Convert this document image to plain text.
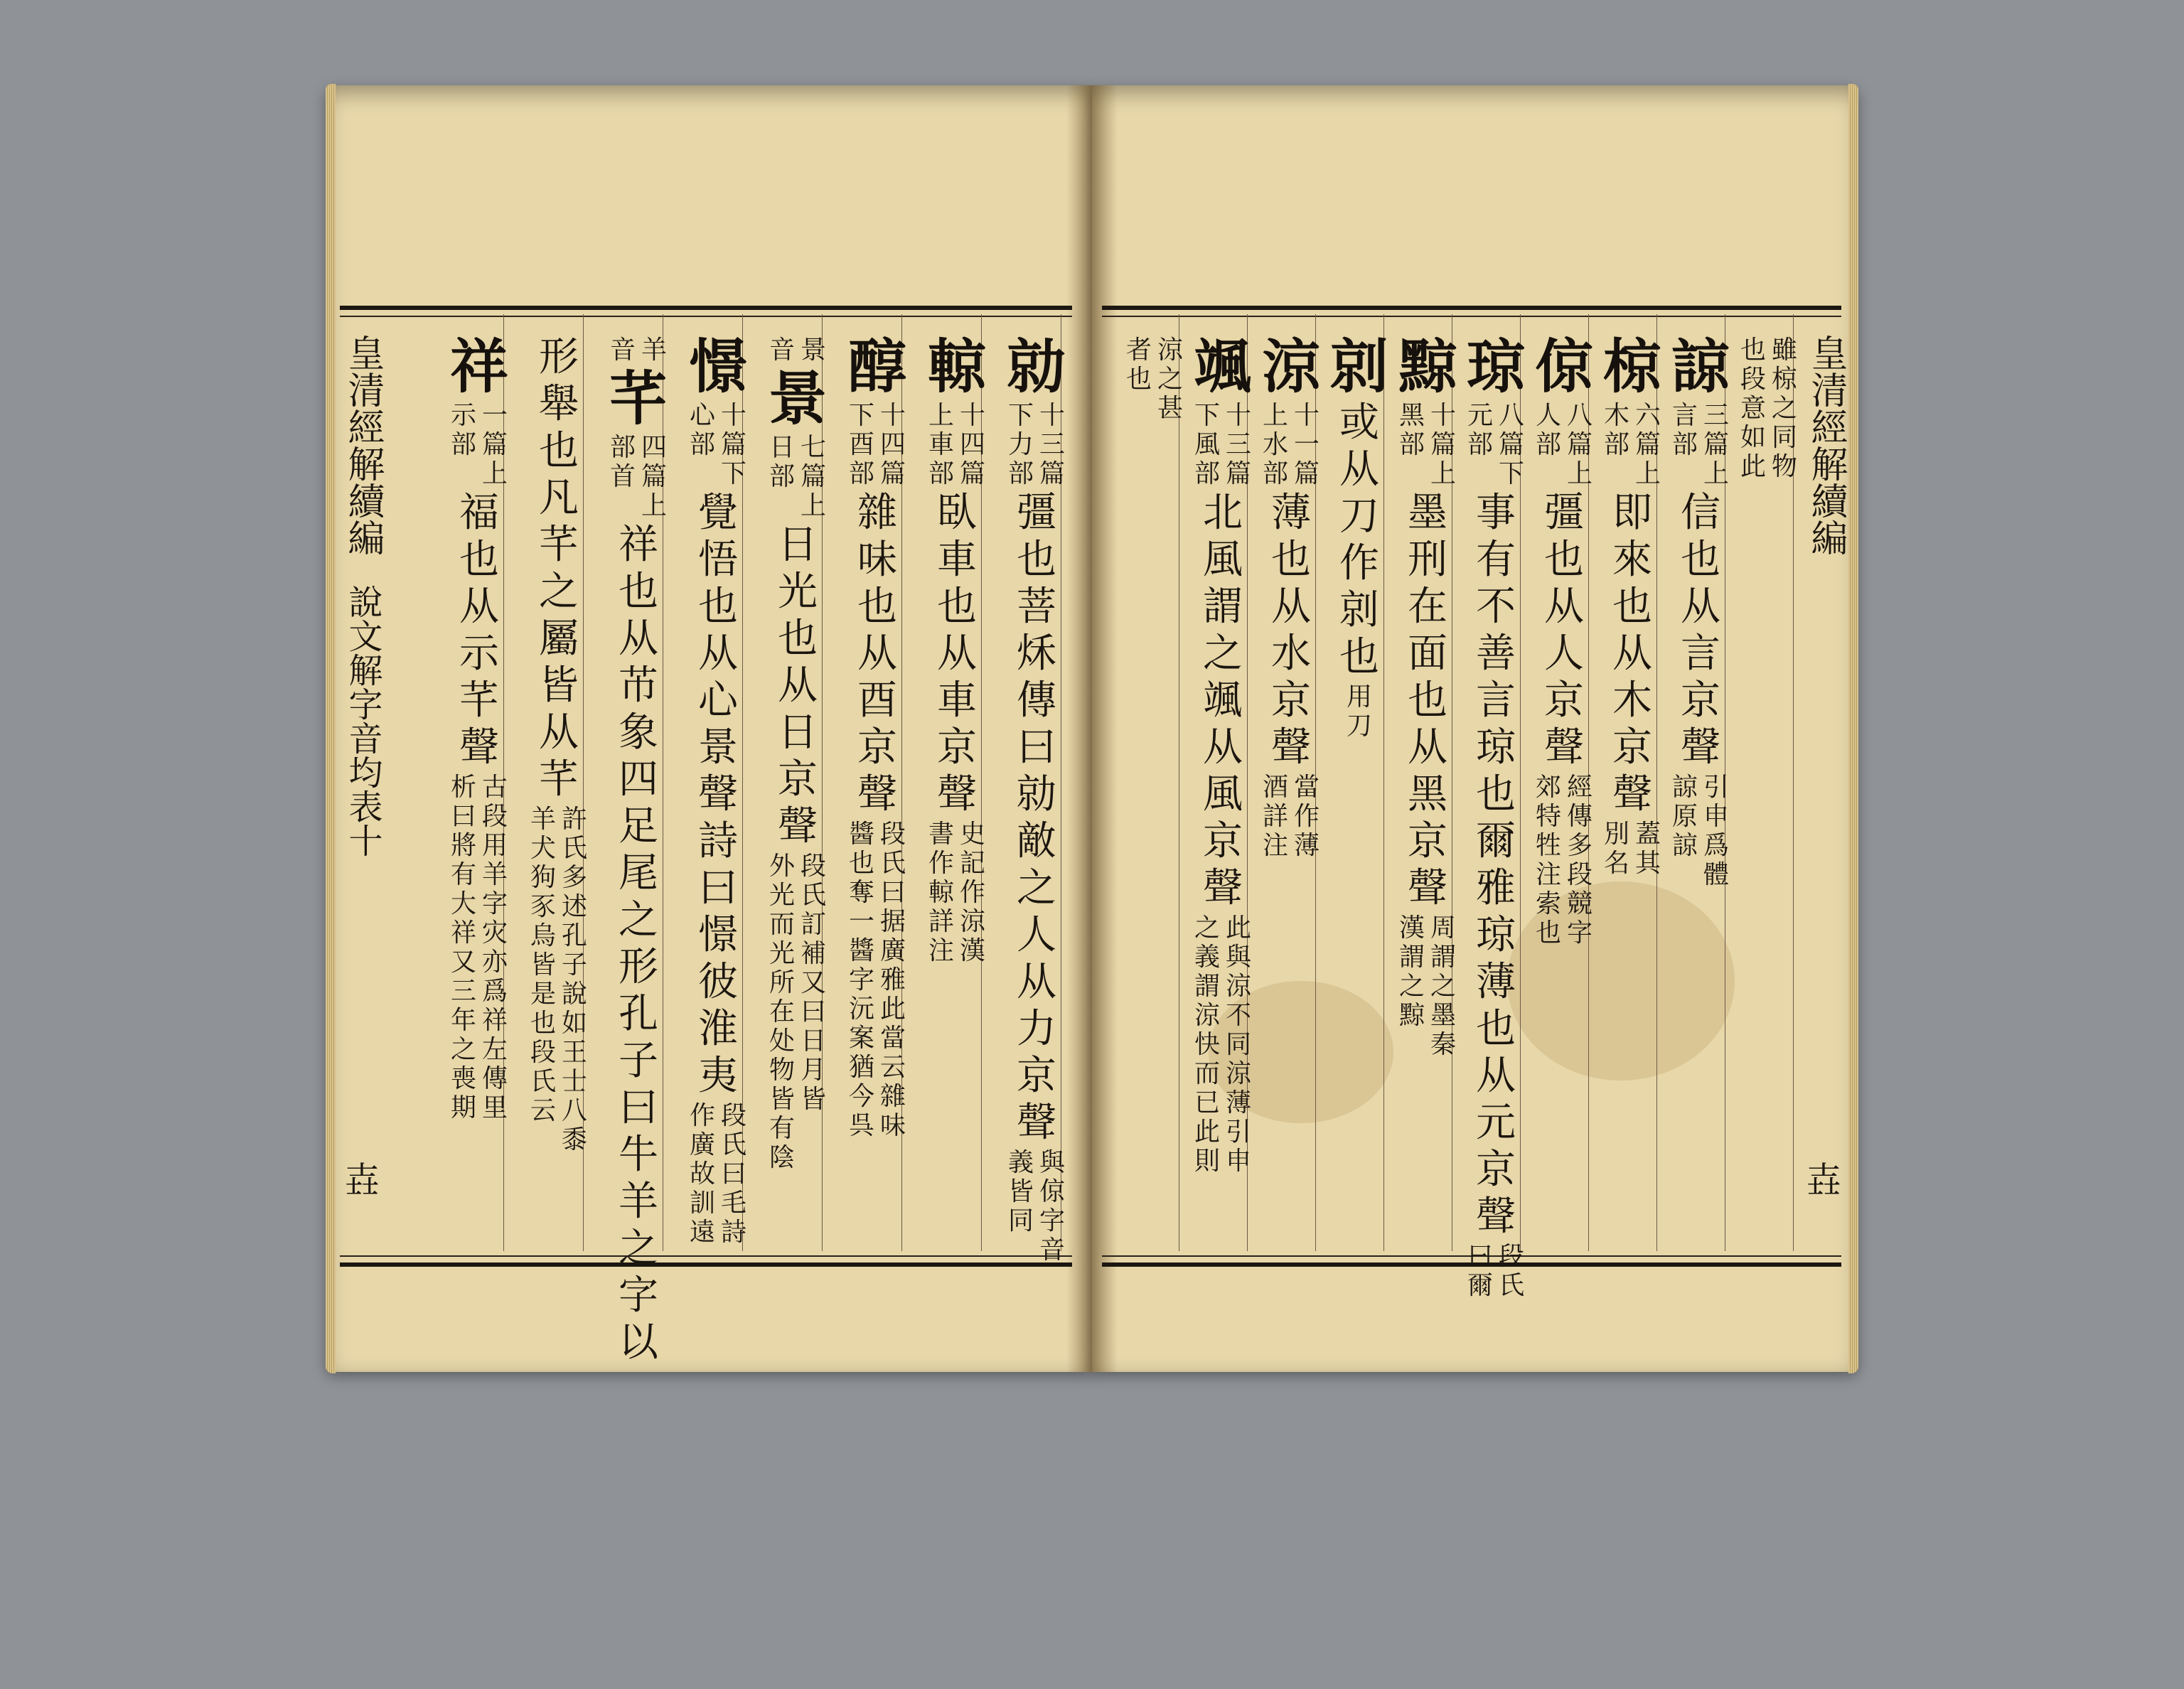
皇清經解續編
說文解字音均表十
壵
皇清經解續編
壵
勍
十三篇
下力部
彊也菩秌傳曰勍敵之人从力京聲
與倞字音
義皆同
輬
十四篇
上車部
臥車也从車京聲
史記作涼漢
書作輬詳注
醇
十四篇
下酉部
雜味也从酉京聲
段氏曰据廣雅此當云雜味
醬也奪一醬字沅案猶今呉
景
音
景
七篇上
日部
日光也从日京聲
段氏訂補又曰日月皆
外光而光所在处物皆有陰
憬
十篇下
心部
覺悟也从心景聲詩曰憬彼淮夷
段氏曰毛詩
作廣故訓遠
羊
音
芊
四篇上
部首
祥也从芇象四足尾之形孔子曰牛羊之字以
形舉也凡芊之屬皆从芊
許氏多述孔子說如王士八黍
羊犬狗豕烏皆是也段氏云
祥
一篇上
示部
福也从示芊聲
古段用羊字灾亦爲祥左傳里
析曰將有大祥又三年之喪期
雖椋之同物
也段意如此
諒
三篇上
言部
信也从言京聲
引申爲體
諒原諒
椋
六篇上
木部
即來也从木京聲
蓋其
別名
倞
八篇上
人部
彊也从人京聲
經傳多段競字
郊特牲注索也
琼
八篇下
元部
事有不善言琼也爾雅琼薄也从元京聲
段氏
曰爾
黥
十篇上
黑部
墨刑在面也从黑京聲
周謂之墨秦
漢謂之黥
剠
或从刀作剠也
用刀
涼
十一篇
上水部
薄也从水京聲
當作薄
酒詳注
颯
十三篇
下風部
北風謂之颯从風京聲
此與涼不同涼薄引申
之義謂涼快而已此則
涼之甚
者也
